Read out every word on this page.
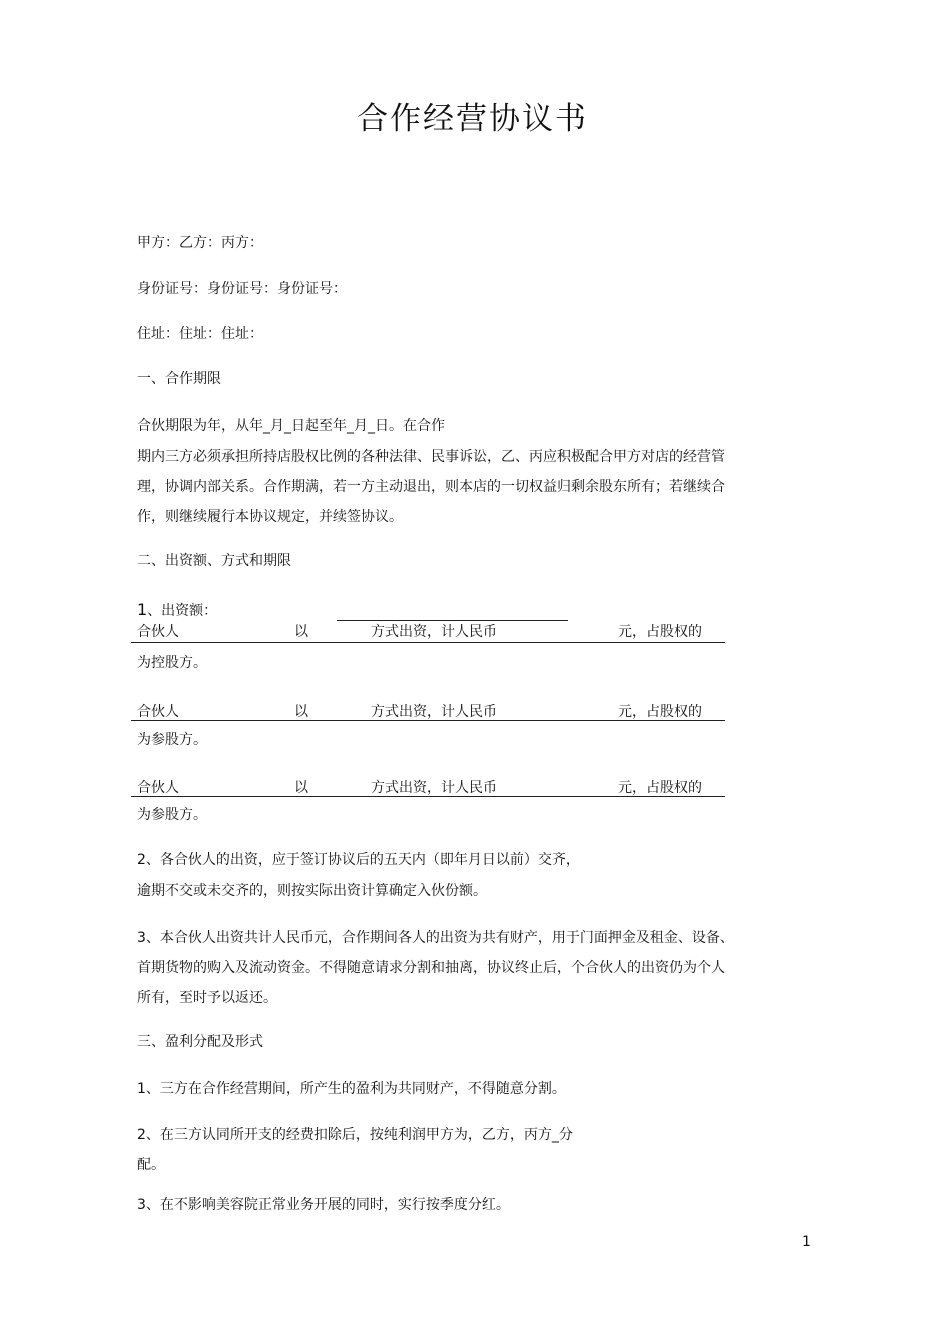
合作经营协议书
甲方：乙方：丙方：
身份证号：身份证号：身份证号：
住址：住址：住址：
一、合作期限
合伙期限为年，从年_月_日起至年_月_日。在合作
期内三方必须承担所持店股权比例的各种法律、民事诉讼，乙、丙应积极配合甲方对店的经营管
理，协调内部关系。合作期满，若一方主动退出，则本店的一切权益归剩余股东所有；若继续合
作，则继续履行本协议规定，并续签协议。
二、出资额、方式和期限
1、出资额：
合伙人	以	方式出资，计人民币	元，占股权的
为控股方。
合伙人	以	方式出资，计人民币	元，占股权的
为参股方。
合伙人	以	方式出资，计人民币	元，占股权的
为参股方。
2、各合伙人的出资，应于签订协议后的五天内（即年月日以前）交齐，
逾期不交或未交齐的，则按实际出资计算确定入伙份额。
3、本合伙人出资共计人民币元，合作期间各人的出资为共有财产，用于门面押金及租金、设备、
首期货物的购入及流动资金。不得随意请求分割和抽离，协议终止后，个合伙人的出资仍为个人
所有，至时予以返还。
三、盈利分配及形式
1、三方在合作经营期间，所产生的盈利为共同财产，不得随意分割。
2、在三方认同所开支的经费扣除后，按纯利润甲方为，乙方，丙方_分
配。
3、在不影响美容院正常业务开展的同时，实行按季度分红。
1
